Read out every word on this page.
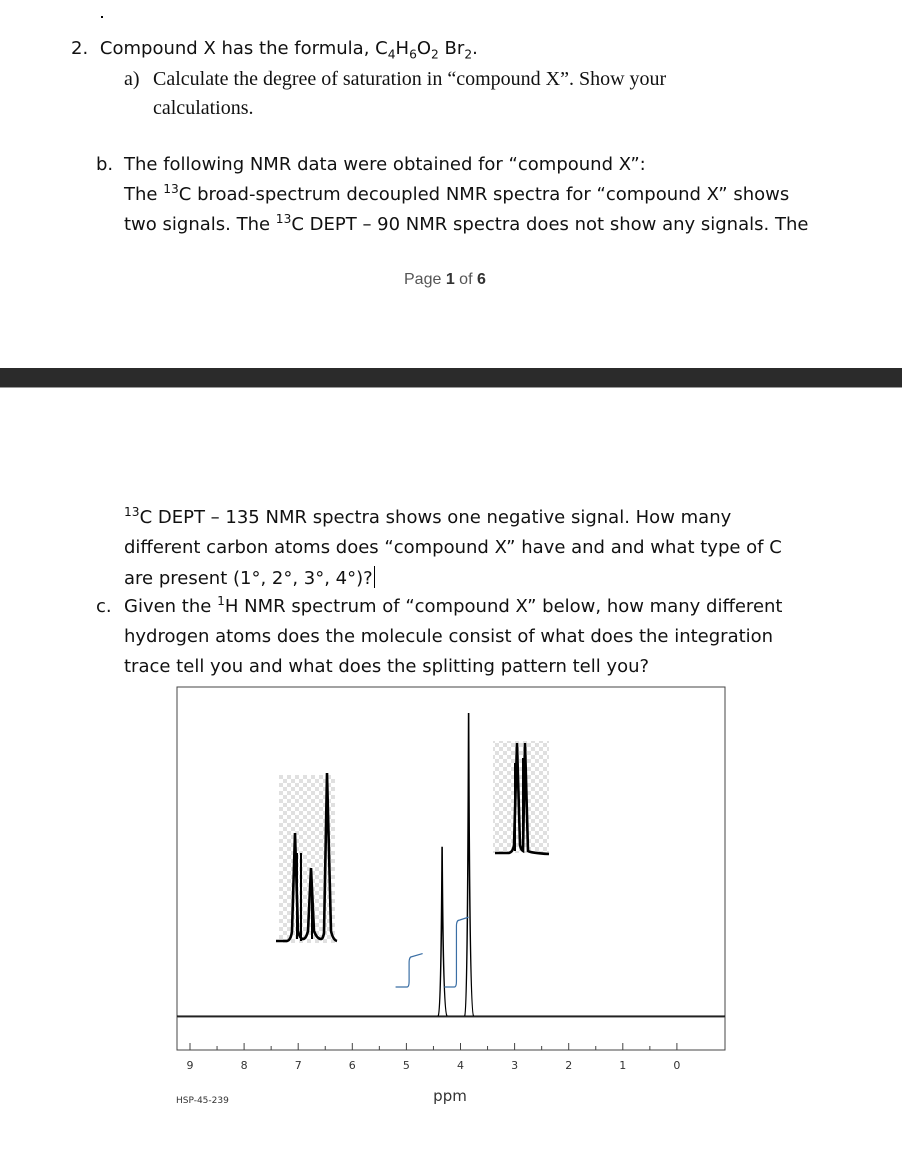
2. Compound X has the formula, $C_4H_6O_2$ $Br_2$.
a) Calculate the degree of saturation in “compound X”. Show your
calculations.
b. The following NMR data were obtained for “compound X”:
The $^{13}$C broad-spectrum decoupled NMR spectra for “compound X” shows
two signals. The $^{13}$C DEPT – 90 NMR spectra does not show any signals. The
Page 1 of 6
$^{13}$C DEPT – 135 NMR spectra shows one negative signal. How many
different carbon atoms does “compound X” have and and what type of C
are present (1°, 2°, 3°, 4°)?
c. Given the $^1$H NMR spectrum of “compound X” below, how many different
hydrogen atoms does the molecule consist of what does the integration
trace tell you and what does the splitting pattern tell you?
9	8	7	6	5	4	3	2	1	0
ppm
HSP-45-239
